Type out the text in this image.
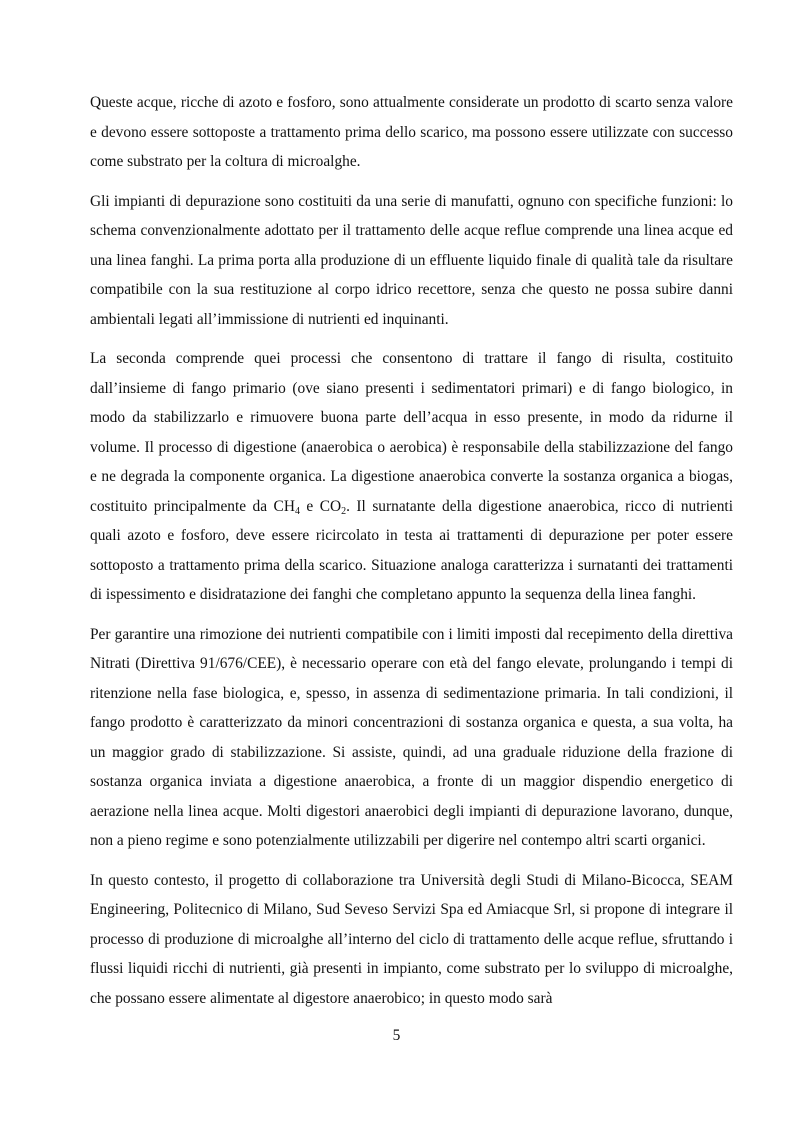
Queste acque, ricche di azoto e fosforo, sono attualmente considerate un prodotto di scarto senza valore e devono essere sottoposte a trattamento prima dello scarico, ma possono essere utilizzate con successo come substrato per la coltura di microalghe.

Gli impianti di depurazione sono costituiti da una serie di manufatti, ognuno con specifiche funzioni: lo schema convenzionalmente adottato per il trattamento delle acque reflue comprende una linea acque ed una linea fanghi. La prima porta alla produzione di un effluente liquido finale di qualità tale da risultare compatibile con la sua restituzione al corpo idrico recettore, senza che questo ne possa subire danni ambientali legati all’immissione di nutrienti ed inquinanti.

La seconda comprende quei processi che consentono di trattare il fango di risulta, costituito dall’insieme di fango primario (ove siano presenti i sedimentatori primari) e di fango biologico, in modo da stabilizzarlo e rimuovere buona parte dell’acqua in esso presente, in modo da ridurne il volume. Il processo di digestione (anaerobica o aerobica) è responsabile della stabilizzazione del fango e ne degrada la componente organica. La digestione anaerobica converte la sostanza organica a biogas, costituito principalmente da $CH_4$ e $CO_2$. Il surnatante della digestione anaerobica, ricco di nutrienti quali azoto e fosforo, deve essere ricircolato in testa ai trattamenti di depurazione per poter essere sottoposto a trattamento prima della scarico. Situazione analoga caratterizza i surnatanti dei trattamenti di ispessimento e disidratazione dei fanghi che completano appunto la sequenza della linea fanghi.

Per garantire una rimozione dei nutrienti compatibile con i limiti imposti dal recepimento della direttiva Nitrati (Direttiva 91/676/CEE), è necessario operare con età del fango elevate, prolungando i tempi di ritenzione nella fase biologica, e, spesso, in assenza di sedimentazione primaria. In tali condizioni, il fango prodotto è caratterizzato da minori concentrazioni di sostanza organica e questa, a sua volta, ha un maggior grado di stabilizzazione. Si assiste, quindi, ad una graduale riduzione della frazione di sostanza organica inviata a digestione anaerobica, a fronte di un maggior dispendio energetico di aerazione nella linea acque. Molti digestori anaerobici degli impianti di depurazione lavorano, dunque, non a pieno regime e sono potenzialmente utilizzabili per digerire nel contempo altri scarti organici.

In questo contesto, il progetto di collaborazione tra Università degli Studi di Milano-Bicocca, SEAM Engineering, Politecnico di Milano, Sud Seveso Servizi Spa ed Amiacque Srl, si propone di integrare il processo di produzione di microalghe all’interno del ciclo di trattamento delle acque reflue, sfruttando i flussi liquidi ricchi di nutrienti, già presenti in impianto, come substrato per lo sviluppo di microalghe, che possano essere alimentate al digestore anaerobico; in questo modo sarà

5
